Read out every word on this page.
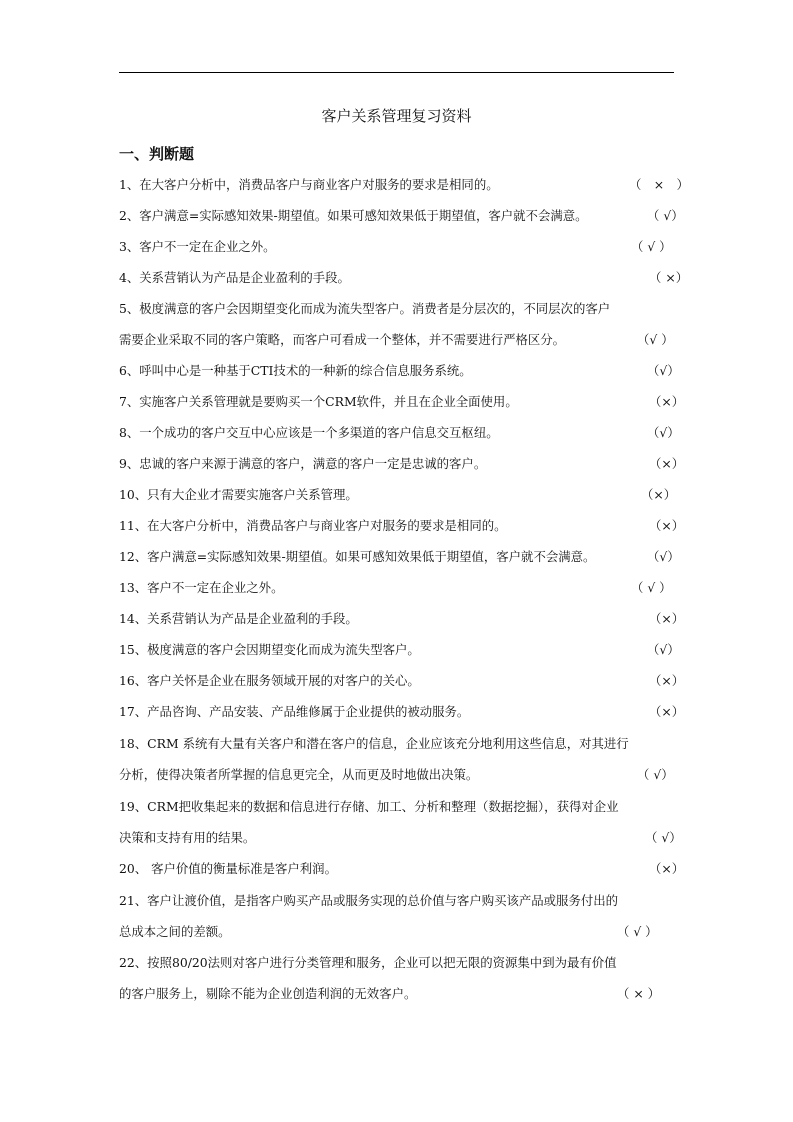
客户关系管理复习资料
一、判断题
1、在大客户分析中，消费品客户与商业客户对服务的要求是相同的。	（　×　）
2、客户满意=实际感知效果-期望值。如果可感知效果低于期望值，客户就不会满意。	（ √）
3、客户不一定在企业之外。	（ √ ）
4、关系营销认为产品是企业盈利的手段。	（ ×）
5、极度满意的客户会因期望变化而成为流失型客户。消费者是分层次的，不同层次的客户
需要企业采取不同的客户策略，而客户可看成一个整体，并不需要进行严格区分。	（√ ）
6、呼叫中心是一种基于CTI技术的一种新的综合信息服务系统。	（√）
7、实施客户关系管理就是要购买一个CRM软件，并且在企业全面使用。	（×）
8、一个成功的客户交互中心应该是一个多渠道的客户信息交互枢纽。	（√）
9、忠诚的客户来源于满意的客户，满意的客户一定是忠诚的客户。	（×）
10、只有大企业才需要实施客户关系管理。	（×）
11、在大客户分析中，消费品客户与商业客户对服务的要求是相同的。	（×）
12、客户满意=实际感知效果-期望值。如果可感知效果低于期望值，客户就不会满意。	（√）
13、客户不一定在企业之外。	（ √ ）
14、关系营销认为产品是企业盈利的手段。	（×）
15、极度满意的客户会因期望变化而成为流失型客户。	（√）
16、客户关怀是企业在服务领域开展的对客户的关心。	（×）
17、产品咨询、产品安装、产品维修属于企业提供的被动服务。	（×）
18、CRM 系统有大量有关客户和潜在客户的信息，企业应该充分地利用这些信息，对其进行
分析，使得决策者所掌握的信息更完全，从而更及时地做出决策。	（ √）
19、CRM把收集起来的数据和信息进行存储、加工、分析和整理（数据挖掘），获得对企业
决策和支持有用的结果。	（ √）
20、 客户价值的衡量标准是客户利润。	（×）
21、客户让渡价值，是指客户购买产品或服务实现的总价值与客户购买该产品或服务付出的
总成本之间的差额。	（ √ ）
22、按照80/20法则对客户进行分类管理和服务，企业可以把无限的资源集中到为最有价值
的客户服务上，剔除不能为企业创造利润的无效客户。	（ × ）
